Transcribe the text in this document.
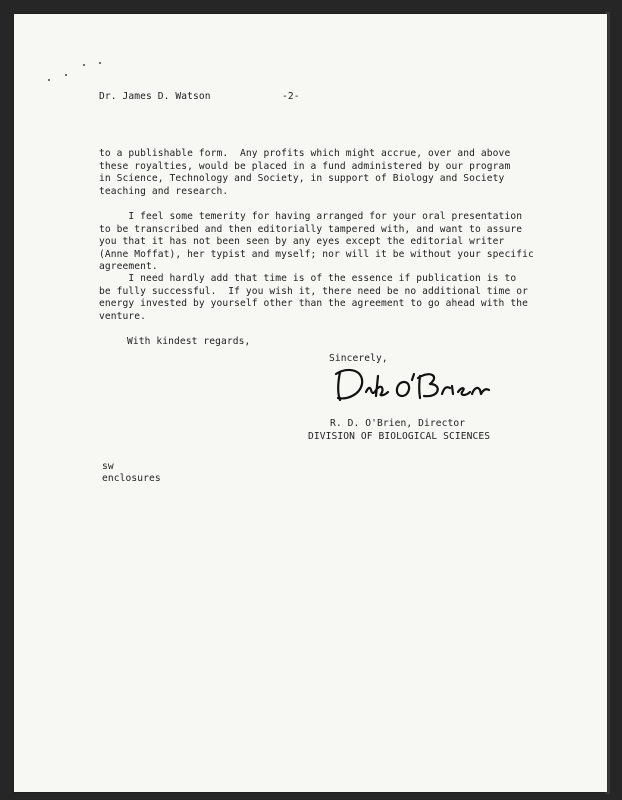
Dr. James D. Watson	-2-
to a publishable form.  Any profits which might accrue, over and above
these royalties, would be placed in a fund administered by our program
in Science, Technology and Society, in support of Biology and Society
teaching and research.
I feel some temerity for having arranged for your oral presentation
to be transcribed and then editorially tampered with, and want to assure
you that it has not been seen by any eyes except the editorial writer
(Anne Moffat), her typist and myself; nor will it be without your specific
agreement.
I need hardly add that time is of the essence if publication is to
be fully successful.  If you wish it, there need be no additional time or
energy invested by yourself other than the agreement to go ahead with the
venture.
With kindest regards,
Sincerely,
R. D. O'Brien, Director
DIVISION OF BIOLOGICAL SCIENCES
sw
enclosures
